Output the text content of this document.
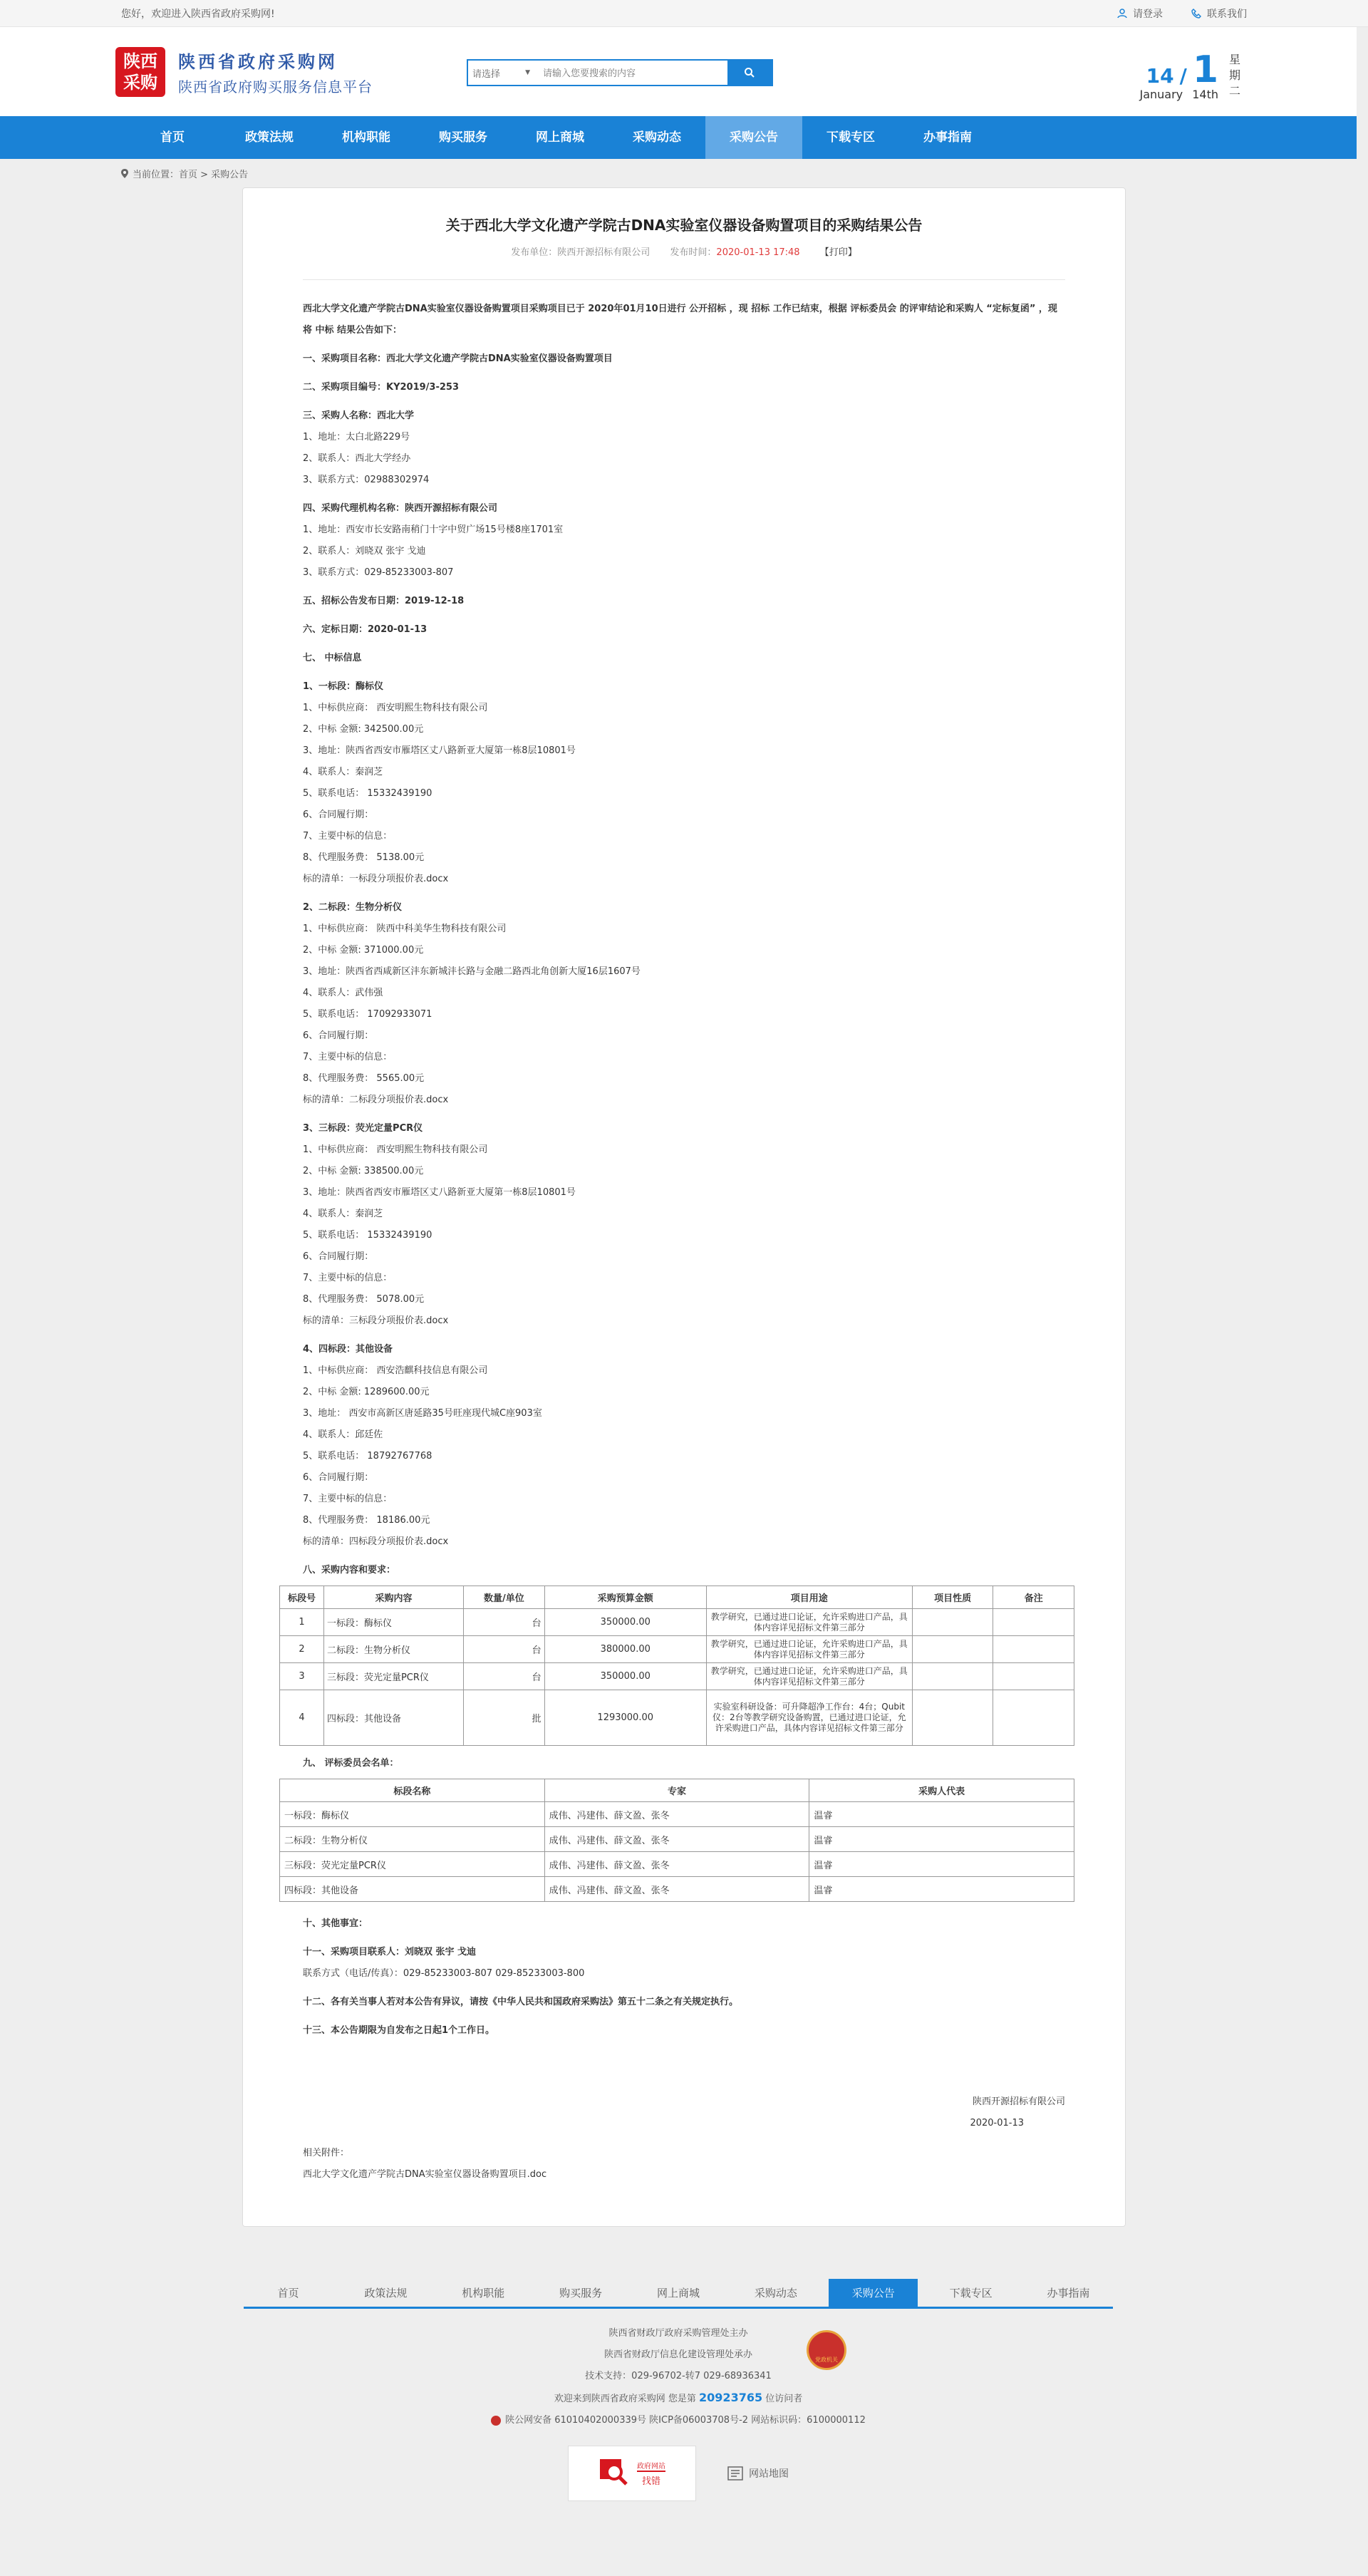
您好，欢迎进入陕西省政府采购网!	请登录	联系我们
陕西
采购
陕西省政府采购网
陕西省政府购买服务信息平台
请选择	▼
请输入您要搜索的内容	14 / 1
January 14th
星期二
首页	政策法规	机构职能	购买服务	网上商城	采购动态	采购公告	下载专区	办事指南
当前位置：首页 > 采购公告
关于西北大学文化遗产学院古DNA实验室仪器设备购置项目的采购结果公告
发布单位：陕西开源招标有限公司 发布时间：2020-01-13 17:48 【打印】
西北大学文化遗产学院古DNA实验室仪器设备购置项目采购项目已于 2020年01月10日进行 公开招标 ，现 招标 工作已结束，根据 评标委员会 的评审结论和采购人 “定标复函” ，现将 中标 结果公告如下：
一、采购项目名称：西北大学文化遗产学院古DNA实验室仪器设备购置项目
二、采购项目编号：KY2019/3-253
三、采购人名称：西北大学
1、地址：太白北路229号
2、联系人：西北大学经办
3、联系方式：02988302974
四、采购代理机构名称：陕西开源招标有限公司
1、地址：西安市长安路南稍门十字中贸广场15号楼8座1701室
2、联系人：刘晓双 张宇 戈迪
3、联系方式：029-85233003-807
五、招标公告发布日期：2019-12-18
六、定标日期：2020-01-13
七、 中标信息
1、一标段：酶标仪
1、中标供应商： 西安明熙生物科技有限公司
2、中标 金额: 342500.00元
3、地址：陕西省西安市雁塔区丈八路新亚大厦第一栋8层10801号
4、联系人：秦润芝
5、联系电话： 15332439190
6、合同履行期：
7、主要中标的信息：
8、代理服务费： 5138.00元
标的清单：一标段分项报价表.docx
2、二标段：生物分析仪
1、中标供应商： 陕西中科美华生物科技有限公司
2、中标 金额: 371000.00元
3、地址：陕西省西咸新区沣东新城沣长路与金融二路西北角创新大厦16层1607号
4、联系人：武伟强
5、联系电话： 17092933071
6、合同履行期：
7、主要中标的信息：
8、代理服务费： 5565.00元
标的清单：二标段分项报价表.docx
3、三标段：荧光定量PCR仪
1、中标供应商： 西安明熙生物科技有限公司
2、中标 金额: 338500.00元
3、地址：陕西省西安市雁塔区丈八路新亚大厦第一栋8层10801号
4、联系人：秦润芝
5、联系电话： 15332439190
6、合同履行期：
7、主要中标的信息：
8、代理服务费： 5078.00元
标的清单：三标段分项报价表.docx
4、四标段：其他设备
1、中标供应商： 西安浩麒科技信息有限公司
2、中标 金额: 1289600.00元
3、地址： 西安市高新区唐延路35号旺座现代城C座903室
4、联系人：邱廷佐
5、联系电话： 18792767768
6、合同履行期：
7、主要中标的信息：
8、代理服务费： 18186.00元
标的清单：四标段分项报价表.docx
八、采购内容和要求：
标段号	采购内容	数量/单位	采购预算金额	项目用途	项目性质	备注
1	一标段：酶标仪	台	350000.00	教学研究，已通过进口论证，允许采购进口产品，具体内容详见招标文件第三部分		
2	二标段：生物分析仪	台	380000.00	教学研究，已通过进口论证，允许采购进口产品，具体内容详见招标文件第三部分		
3	三标段：荧光定量PCR仪	台	350000.00	教学研究，已通过进口论证，允许采购进口产品，具体内容详见招标文件第三部分		
4	四标段：其他设备	批	1293000.00	实验室科研设备：可升降超净工作台：4台；Qubit仪：2台等教学研究设备购置，已通过进口论证，允许采购进口产品，具体内容详见招标文件第三部分		
九、 评标委员会名单：
标段名称	专家	采购人代表
一标段：酶标仪	成伟、冯建伟、薛文盈、张冬	温睿
二标段：生物分析仪	成伟、冯建伟、薛文盈、张冬	温睿
三标段：荧光定量PCR仪	成伟、冯建伟、薛文盈、张冬	温睿
四标段：其他设备	成伟、冯建伟、薛文盈、张冬	温睿
十、其他事宜：
十一、采购项目联系人：刘晓双 张宇 戈迪
联系方式（电话/传真）：029-85233003-807 029-85233003-800
十二、各有关当事人若对本公告有异议，请按《中华人民共和国政府采购法》第五十二条之有关规定执行。
十三、本公告期限为自发布之日起1个工作日。
陕西开源招标有限公司
2020-01-13
相关附件：
西北大学文化遗产学院古DNA实验室仪器设备购置项目.doc
首页	政策法规	机构职能	购买服务	网上商城	采购动态	采购公告	下载专区	办事指南
陕西省财政厅政府采购管理处主办
陕西省财政厅信息化建设管理处承办
技术支持：029-96702-转7 029-68936341
欢迎来到陕西省政府采购网 您是第 20923765 位访问者
陕公网安备 61010402000339号 陕ICP备06003708号-2 网站标识码：6100000112
党政机关
政府网站
找错
网站地图
